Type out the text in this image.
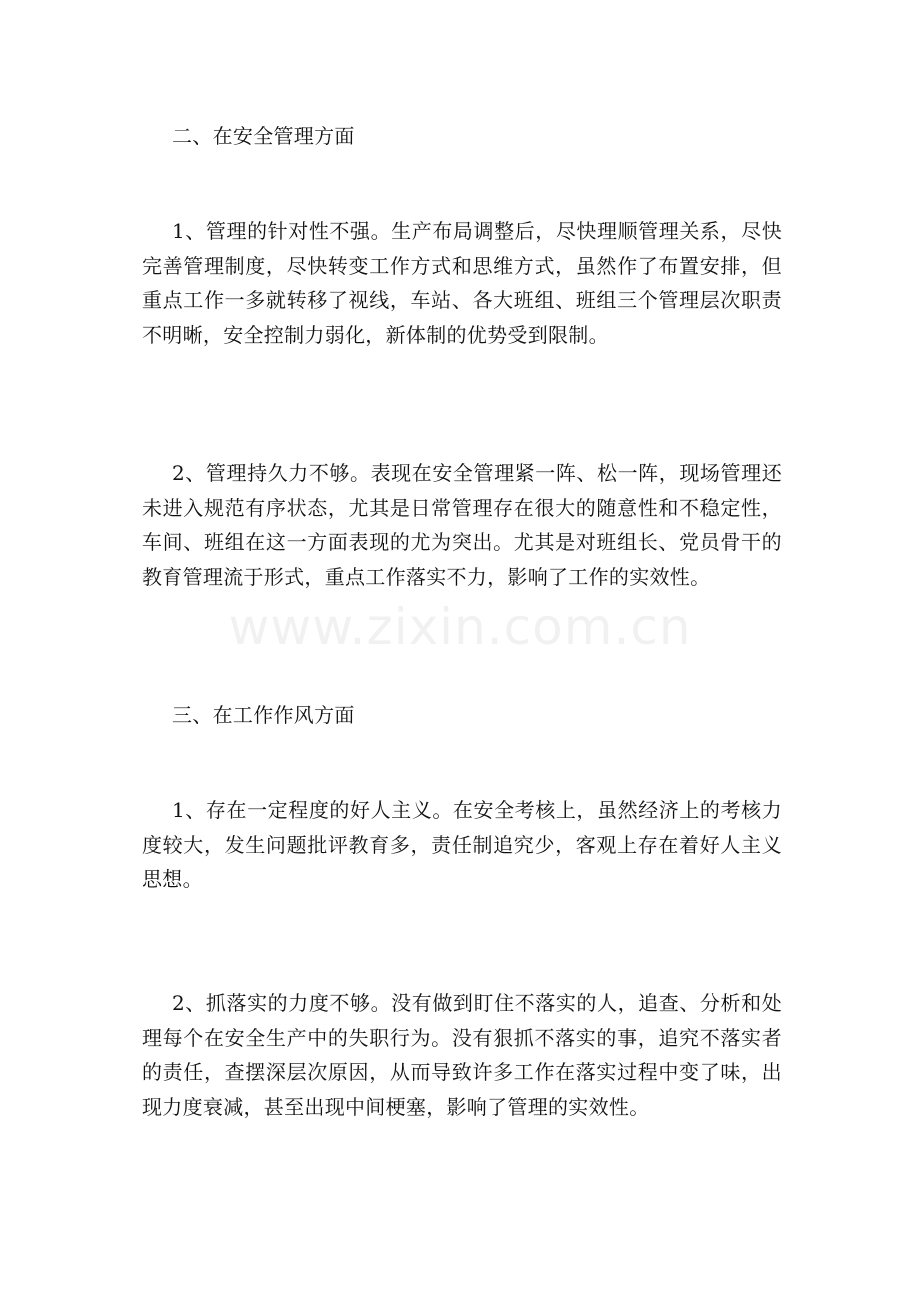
www.zixin.com.cn

二、在安全管理方面

1、管理的针对性不强。生产布局调整后，尽快理顺管理关系，尽快完善管理制度，尽快转变工作方式和思维方式，虽然作了布置安排，但重点工作一多就转移了视线，车站、各大班组、班组三个管理层次职责不明晰，安全控制力弱化，新体制的优势受到限制。

2、管理持久力不够。表现在安全管理紧一阵、松一阵，现场管理还未进入规范有序状态，尤其是日常管理存在很大的随意性和不稳定性，车间、班组在这一方面表现的尤为突出。尤其是对班组长、党员骨干的教育管理流于形式，重点工作落实不力，影响了工作的实效性。

三、在工作作风方面

1、存在一定程度的好人主义。在安全考核上，虽然经济上的考核力度较大，发生问题批评教育多，责任制追究少，客观上存在着好人主义思想。

2、抓落实的力度不够。没有做到盯住不落实的人，追查、分析和处理每个在安全生产中的失职行为。没有狠抓不落实的事，追究不落实者的责任，查摆深层次原因，从而导致许多工作在落实过程中变了味，出现力度衰减，甚至出现中间梗塞，影响了管理的实效性。
